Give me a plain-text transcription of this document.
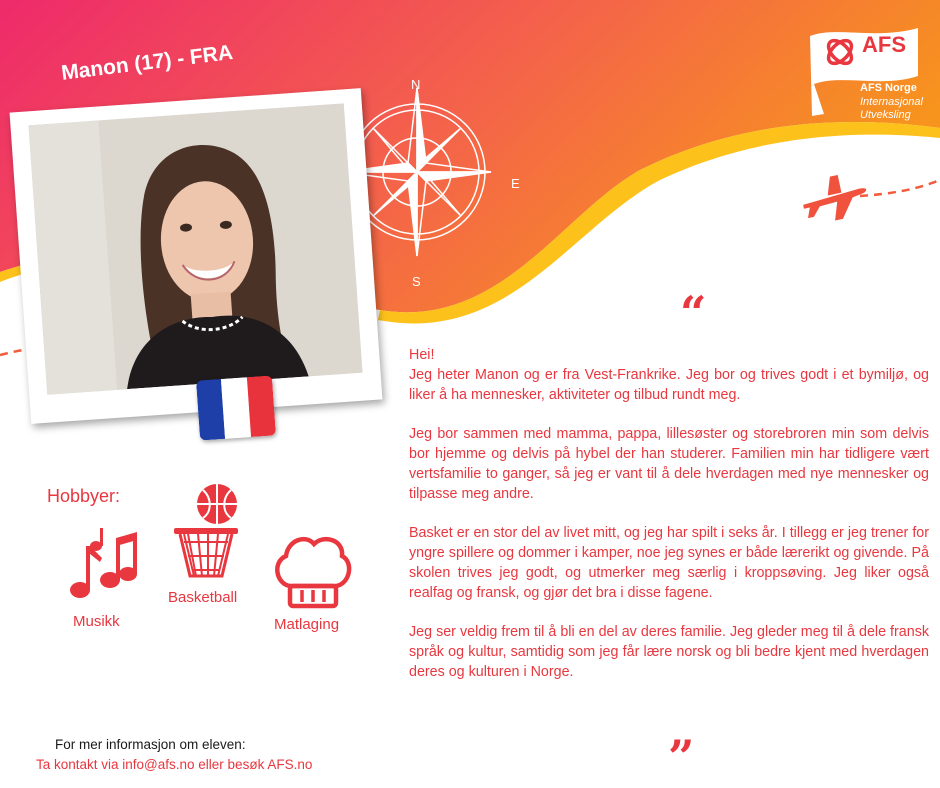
N
E
S
AFS
AFS Norge
Internasjonal
Utveksling
Manon (17) - FRA
Hobbyer:
Musikk
Basketball
Matlaging
“
Hei!

Jeg heter Manon og er fra Vest-Frankrike. Jeg bor og trives godt i et bymiljø, og liker å ha mennesker, aktiviteter og tilbud rundt meg.

Jeg bor sammen med mamma, pappa, lillesøster og storebroren min som delvis bor hjemme og delvis på hybel der han studerer. Familien min har tidligere vært vertsfamilie to ganger, så jeg er vant til å dele hverdagen med nye mennesker og tilpasse meg andre.

Basket er en stor del av livet mitt, og jeg har spilt i seks år. I tillegg er jeg trener for yngre spillere og dommer i kamper, noe jeg synes er både lærerikt og givende. På skolen trives jeg godt, og utmerker meg særlig i kroppsøving. Jeg liker også realfag og fransk, og gjør det bra i disse fagene.

Jeg ser veldig frem til å bli en del av deres familie. Jeg gleder meg til å dele fransk språk og kultur, samtidig som jeg får lære norsk og bli bedre kjent med hverdagen deres og kulturen i Norge.

”
For mer informasjon om eleven:
Ta kontakt via info@afs.no eller besøk AFS.no
